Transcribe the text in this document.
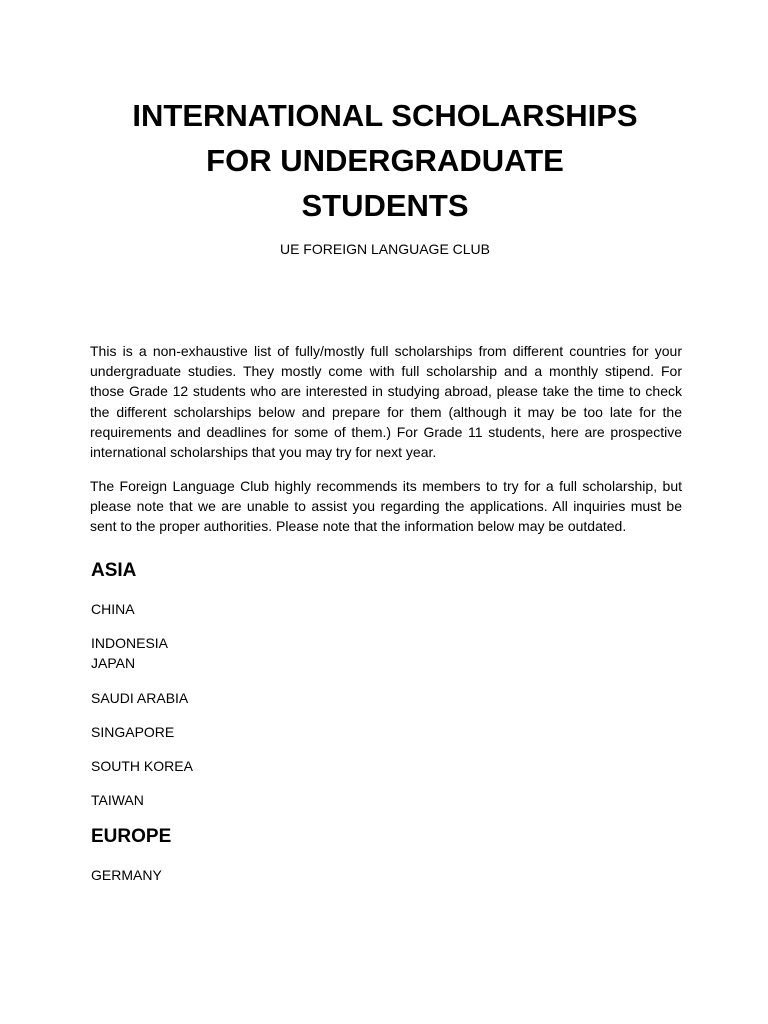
INTERNATIONAL SCHOLARSHIPS
FOR UNDERGRADUATE
STUDENTS

UE FOREIGN LANGUAGE CLUB

This is a non-exhaustive list of fully/mostly full scholarships from different countries for your undergraduate studies. They mostly come with full scholarship and a monthly stipend. For those Grade 12 students who are interested in studying abroad, please take the time to check the different scholarships below and prepare for them (although it may be too late for the requirements and deadlines for some of them.) For Grade 11 students, here are prospective international scholarships that you may try for next year.

The Foreign Language Club highly recommends its members to try for a full scholarship, but please note that we are unable to assist you regarding the applications. All inquiries must be sent to the proper authorities. Please note that the information below may be outdated.

ASIA

CHINA

INDONESIA

JAPAN

SAUDI ARABIA

SINGAPORE

SOUTH KOREA

TAIWAN

EUROPE

GERMANY
